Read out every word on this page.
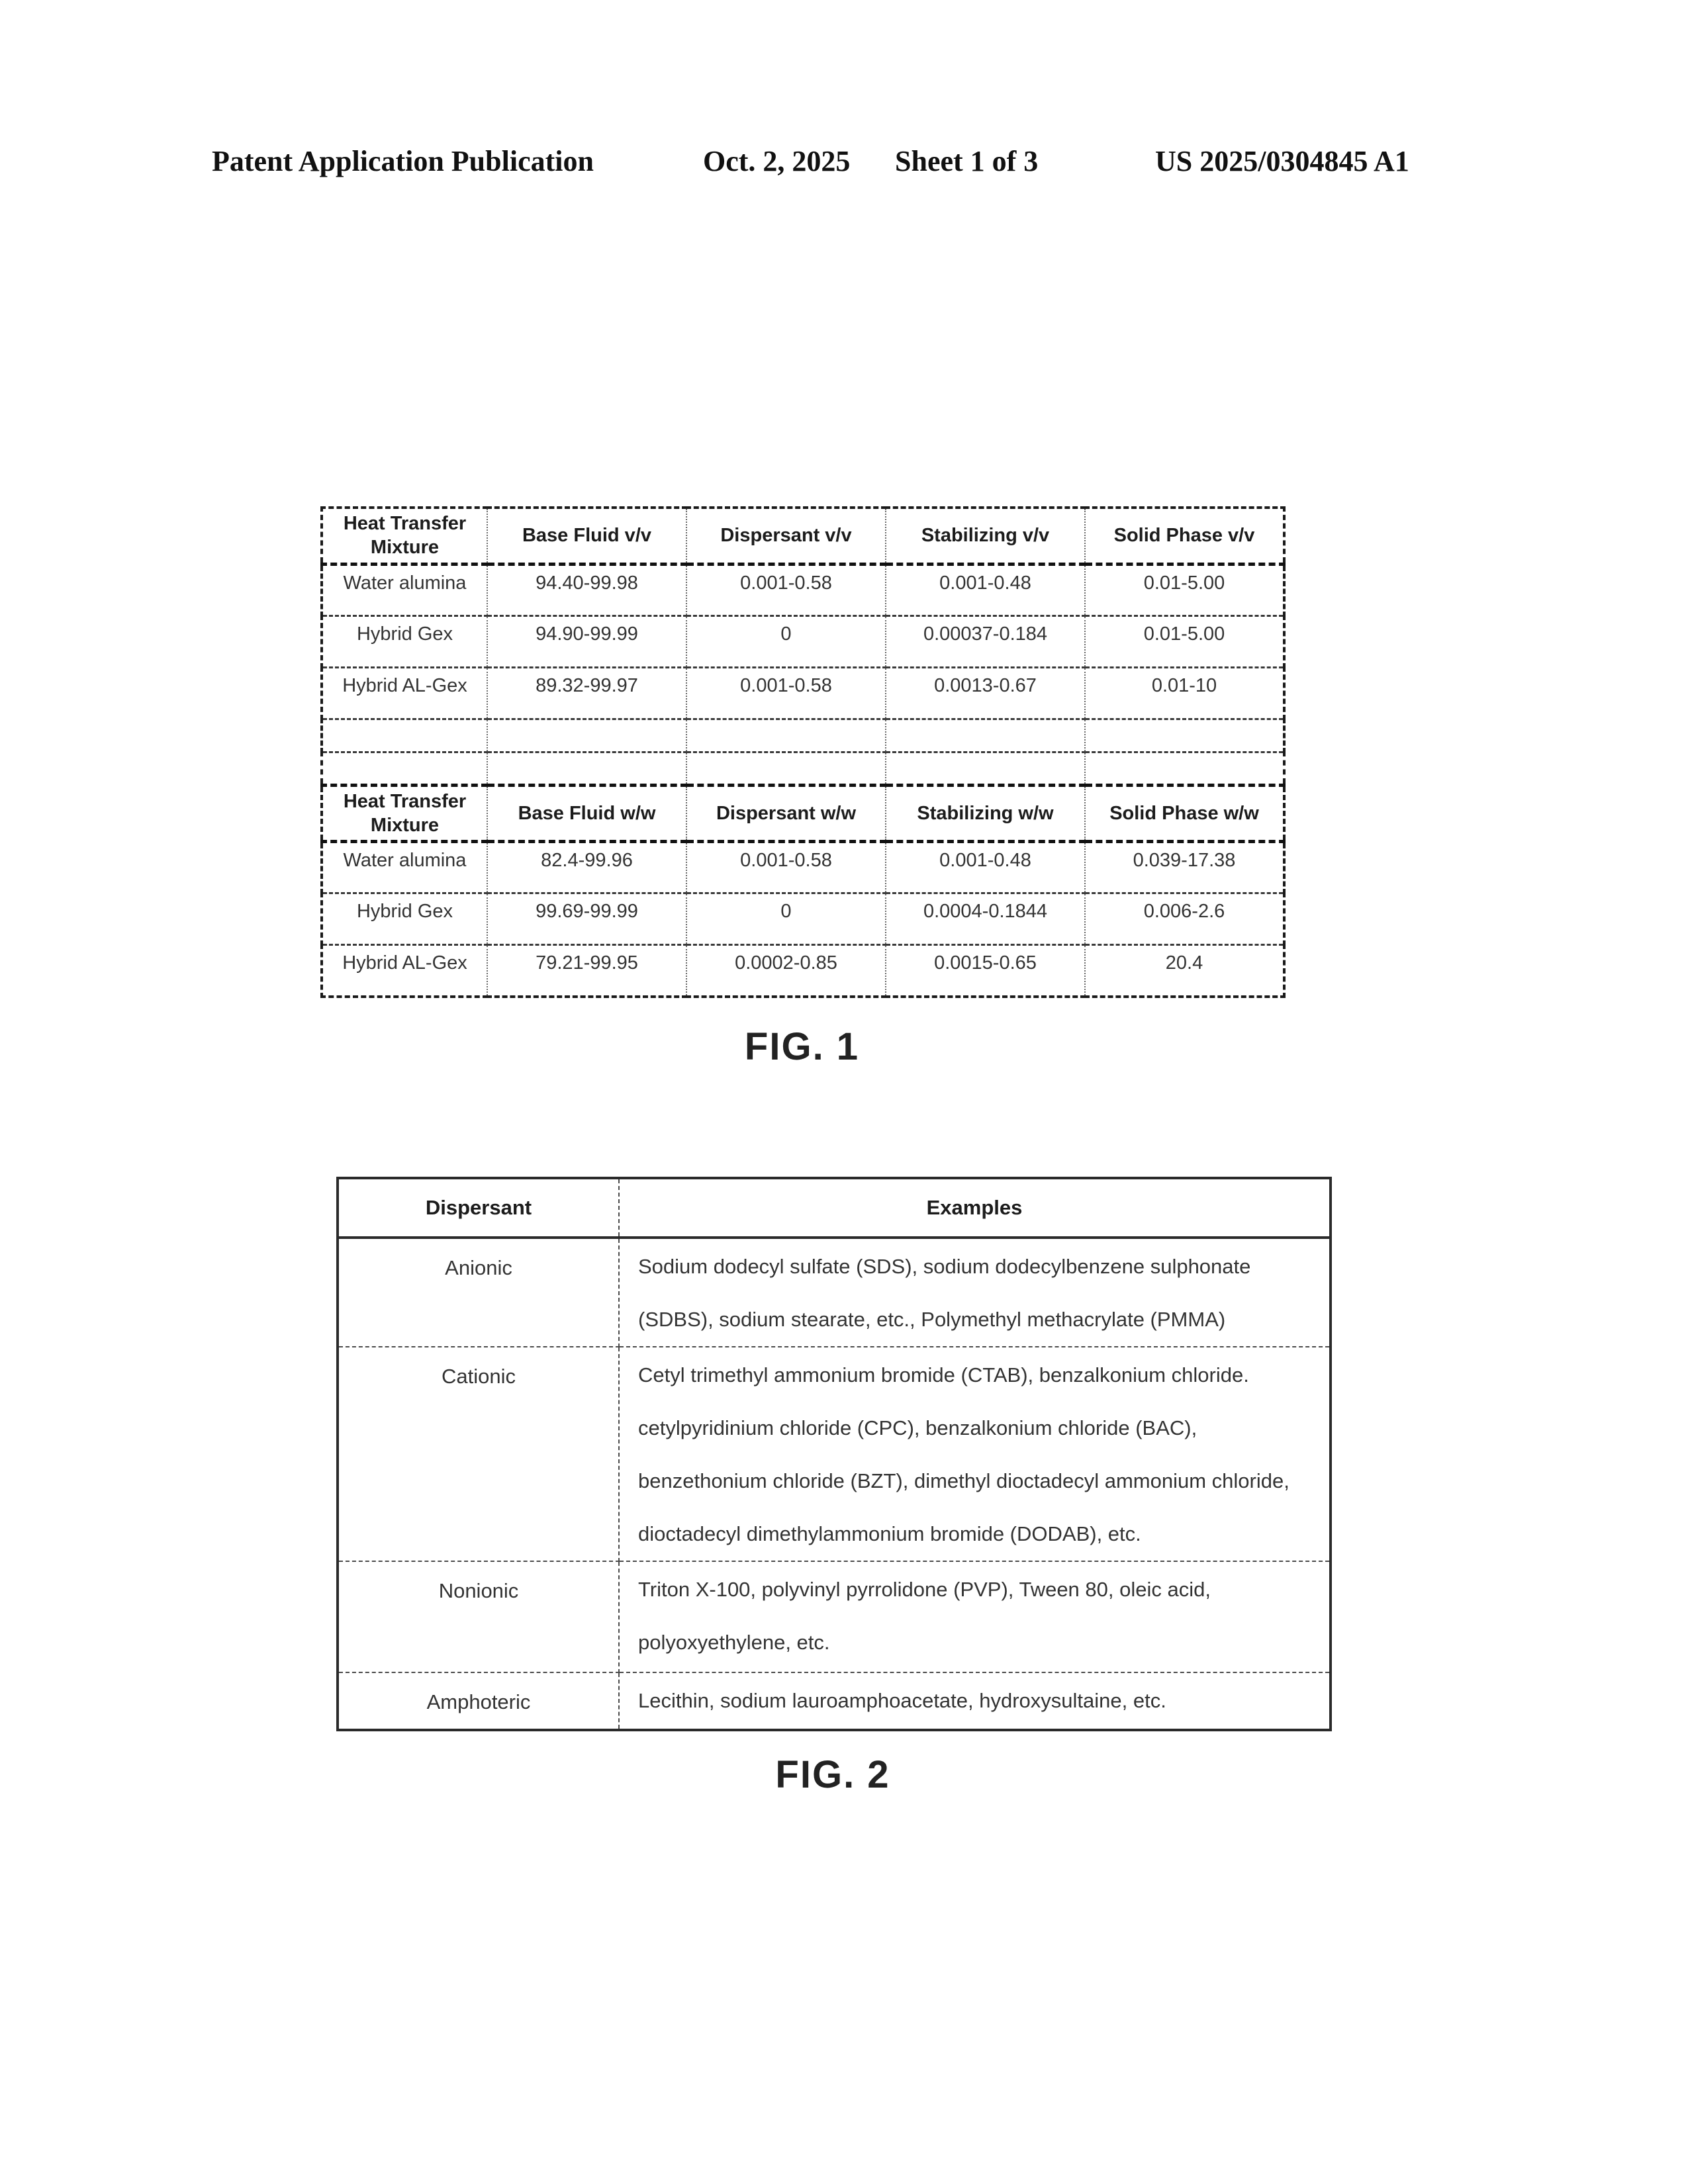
Patent Application Publication	Oct. 2, 2025 Sheet 1 of 3	US 2025/0304845 A1
Heat Transfer Mixture	Base Fluid v/v	Dispersant v/v	Stabilizing v/v	Solid Phase v/v
Water alumina	94.40-99.98	0.001-0.58	0.001-0.48	0.01-5.00
Hybrid Gex	94.90-99.99	0	0.00037-0.184	0.01-5.00
Hybrid AL-Gex	89.32-99.97	0.001-0.58	0.0013-0.67	0.01-10

Heat Transfer Mixture	Base Fluid w/w	Dispersant w/w	Stabilizing w/w	Solid Phase w/w
Water alumina	82.4-99.96	0.001-0.58	0.001-0.48	0.039-17.38
Hybrid Gex	99.69-99.99	0	0.0004-0.1844	0.006-2.6
Hybrid AL-Gex	79.21-99.95	0.0002-0.85	0.0015-0.65	20.4
FIG. 1
Dispersant	Examples
Anionic	Sodium dodecyl sulfate (SDS), sodium dodecylbenzene sulphonate (SDBS), sodium stearate, etc., Polymethyl methacrylate (PMMA)
Cationic	Cetyl trimethyl ammonium bromide (CTAB), benzalkonium chloride. cetylpyridinium chloride (CPC), benzalkonium chloride (BAC), benzethonium chloride (BZT), dimethyl dioctadecyl ammonium chloride, dioctadecyl dimethylammonium bromide (DODAB), etc.
Nonionic	Triton X-100, polyvinyl pyrrolidone (PVP), Tween 80, oleic acid, polyoxyethylene, etc.
Amphoteric	Lecithin, sodium lauroamphoacetate, hydroxysultaine, etc.
FIG. 2
